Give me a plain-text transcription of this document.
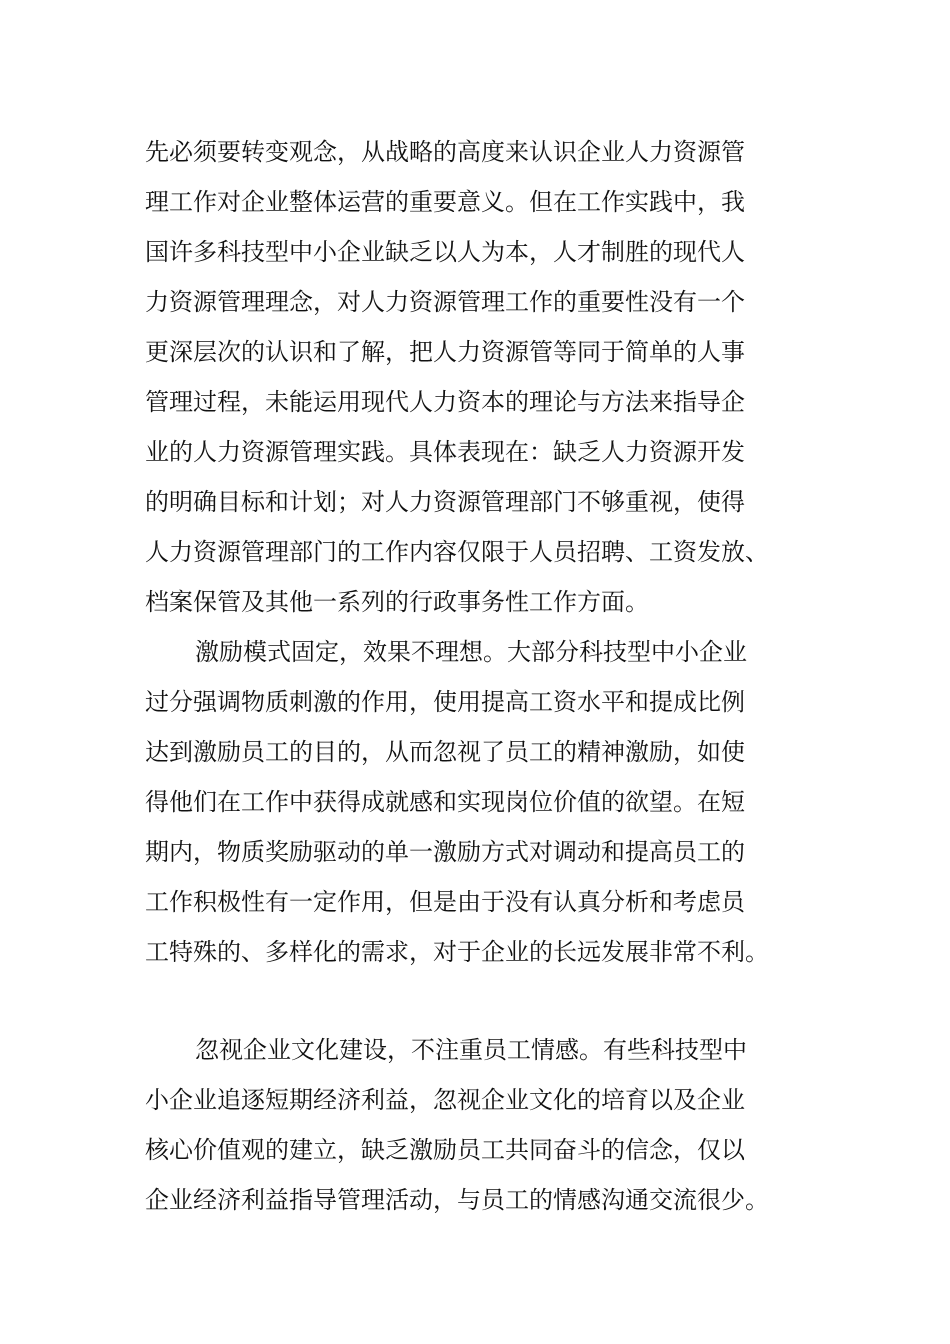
先必须要转变观念，从战略的高度来认识企业人力资源管
理工作对企业整体运营的重要意义。但在工作实践中，我
国许多科技型中小企业缺乏以人为本，人才制胜的现代人
力资源管理理念，对人力资源管理工作的重要性没有一个
更深层次的认识和了解，把人力资源管等同于简单的人事
管理过程，未能运用现代人力资本的理论与方法来指导企
业的人力资源管理实践。具体表现在：缺乏人力资源开发
的明确目标和计划；对人力资源管理部门不够重视，使得
人力资源管理部门的工作内容仅限于人员招聘、工资发放、
档案保管及其他一系列的行政事务性工作方面。
激励模式固定，效果不理想。大部分科技型中小企业
过分强调物质刺激的作用，使用提高工资水平和提成比例
达到激励员工的目的，从而忽视了员工的精神激励，如使
得他们在工作中获得成就感和实现岗位价值的欲望。在短
期内，物质奖励驱动的单一激励方式对调动和提高员工的
工作积极性有一定作用，但是由于没有认真分析和考虑员
工特殊的、多样化的需求，对于企业的长远发展非常不利。
忽视企业文化建设，不注重员工情感。有些科技型中
小企业追逐短期经济利益，忽视企业文化的培育以及企业
核心价值观的建立，缺乏激励员工共同奋斗的信念，仅以
企业经济利益指导管理活动，与员工的情感沟通交流很少。
